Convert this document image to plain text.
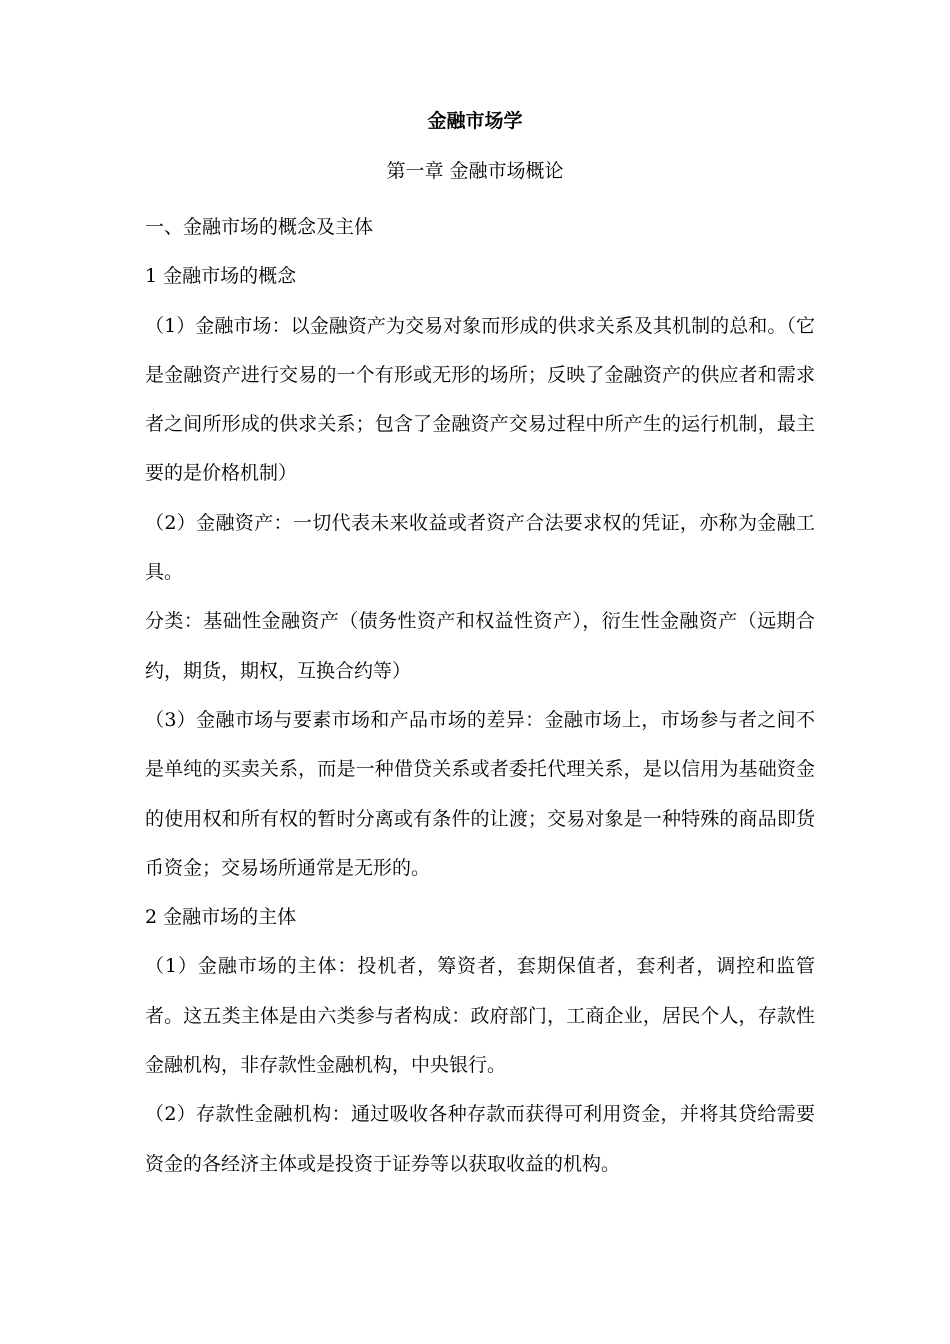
金融市场学
第一章 金融市场概论

一、金融市场的概念及主体

1 金融市场的概念

（1）金融市场：以金融资产为交易对象而形成的供求关系及其机制的总和。（它是金融资产进行交易的一个有形或无形的场所；反映了金融资产的供应者和需求者之间所形成的供求关系；包含了金融资产交易过程中所产生的运行机制，最主要的是价格机制）

（2）金融资产：一切代表未来收益或者资产合法要求权的凭证，亦称为金融工具。

分类：基础性金融资产（债务性资产和权益性资产），衍生性金融资产（远期合约，期货，期权，互换合约等）

（3）金融市场与要素市场和产品市场的差异：金融市场上，市场参与者之间不是单纯的买卖关系，而是一种借贷关系或者委托代理关系，是以信用为基础资金的使用权和所有权的暂时分离或有条件的让渡；交易对象是一种特殊的商品即货币资金；交易场所通常是无形的。

2 金融市场的主体

（1）金融市场的主体：投机者，筹资者，套期保值者，套利者，调控和监管者。这五类主体是由六类参与者构成：政府部门，工商企业，居民个人，存款性金融机构，非存款性金融机构，中央银行。

（2）存款性金融机构：通过吸收各种存款而获得可利用资金，并将其贷给需要资金的各经济主体或是投资于证券等以获取收益的机构。
